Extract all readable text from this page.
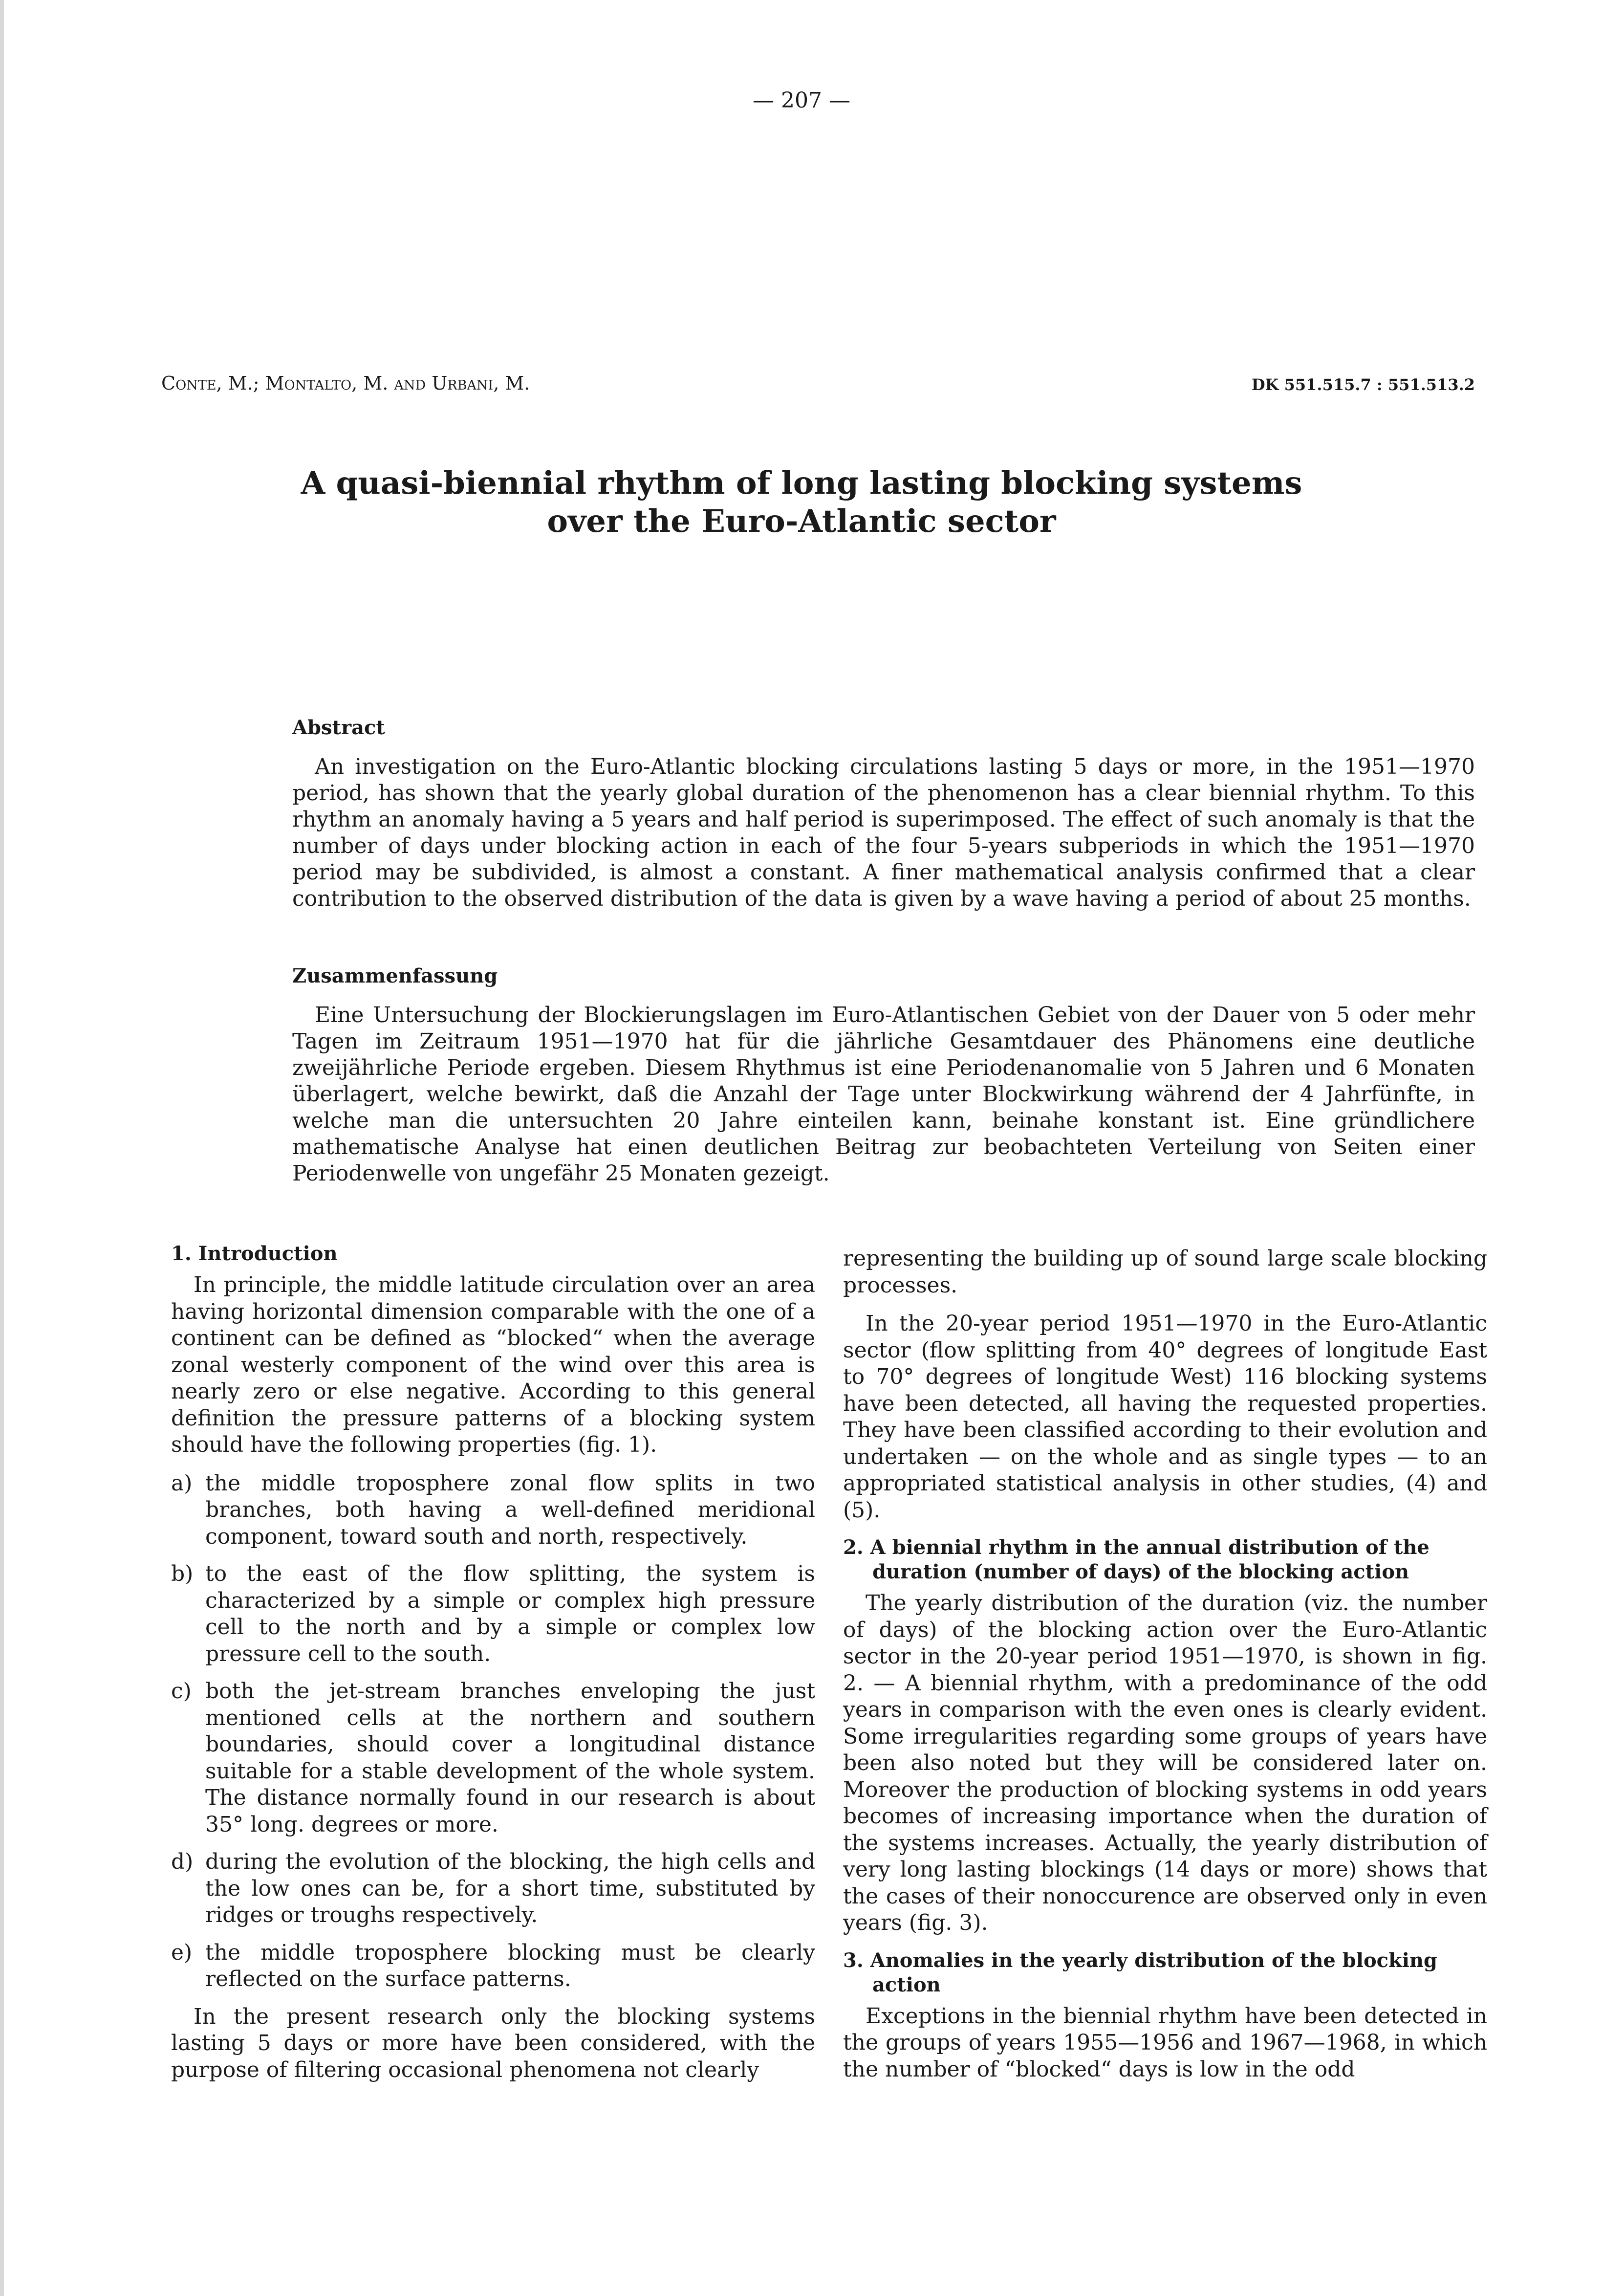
— 207 —
Conte, M.; Montalto, M. and Urbani, M.	DK 551.515.7 : 551.513.2
A quasi-biennial rhythm of long lasting blocking systems
over the Euro-Atlantic sector
Abstract

An investigation on the Euro-Atlantic blocking circulations lasting 5 days or more, in the 1951—1970 period, has shown that the yearly global duration of the phenomenon has a clear biennial rhythm. To this rhythm an anomaly having a 5 years and half period is superimposed. The effect of such anomaly is that the number of days under blocking action in each of the four 5-years subperiods in which the 1951—1970 period may be subdivided, is almost a constant. A finer mathematical analysis confirmed that a clear contribution to the observed distribution of the data is given by a wave having a period of about 25 months.

Zusammenfassung

Eine Untersuchung der Blockierungslagen im Euro-Atlantischen Gebiet von der Dauer von 5 oder mehr Tagen im Zeitraum 1951—1970 hat für die jährliche Gesamtdauer des Phänomens eine deutliche zweijährliche Periode ergeben. Diesem Rhythmus ist eine Periodenanomalie von 5 Jahren und 6 Monaten überlagert, welche bewirkt, daß die Anzahl der Tage unter Blockwirkung während der 4 Jahrfünfte, in welche man die untersuchten 20 Jahre einteilen kann, beinahe konstant ist. Eine gründlichere mathematische Analyse hat einen deutlichen Beitrag zur beobachteten Verteilung von Seiten einer Periodenwelle von ungefähr 25 Monaten gezeigt.

1. Introduction

In principle, the middle latitude circulation over an area having horizontal dimension comparable with the one of a continent can be defined as “blocked“ when the average zonal westerly component of the wind over this area is nearly zero or else negative. According to this general definition the pressure patterns of a blocking system should have the following properties (fig. 1).

a) the middle troposphere zonal flow splits in two branches, both having a well-defined meridional component, toward south and north, respectively.
b) to the east of the flow splitting, the system is characterized by a simple or complex high pressure cell to the north and by a simple or complex low pressure cell to the south.
c) both the jet-stream branches enveloping the just mentioned cells at the northern and southern boundaries, should cover a longitudinal distance suitable for a stable development of the whole system. The distance normally found in our research is about 35° long. degrees or more.
d) during the evolution of the blocking, the high cells and the low ones can be, for a short time, substituted by ridges or troughs respectively.
e) the middle troposphere blocking must be clearly reflected on the surface patterns.

In the present research only the blocking systems lasting 5 days or more have been considered, with the purpose of filtering occasional phenomena not clearly

representing the building up of sound large scale blocking processes.

In the 20-year period 1951—1970 in the Euro-Atlantic sector (flow splitting from 40° degrees of longitude East to 70° degrees of longitude West) 116 blocking systems have been detected, all having the requested properties. They have been classified according to their evolution and undertaken — on the whole and as single types — to an appropriated statistical analysis in other studies, (4) and (5).

2. A biennial rhythm in the annual distribution of the duration (number of days) of the blocking action

The yearly distribution of the duration (viz. the number of days) of the blocking action over the Euro-Atlantic sector in the 20-year period 1951—1970, is shown in fig. 2. — A biennial rhythm, with a predominance of the odd years in comparison with the even ones is clearly evident. Some irregularities regarding some groups of years have been also noted but they will be considered later on. Moreover the production of blocking systems in odd years becomes of increasing importance when the duration of the systems increases. Actually, the yearly distribution of very long lasting blockings (14 days or more) shows that the cases of their nonoccurence are observed only in even years (fig. 3).

3. Anomalies in the yearly distribution of the blocking action

Exceptions in the biennial rhythm have been detected in the groups of years 1955—1956 and 1967—1968, in which the number of “blocked“ days is low in the odd
